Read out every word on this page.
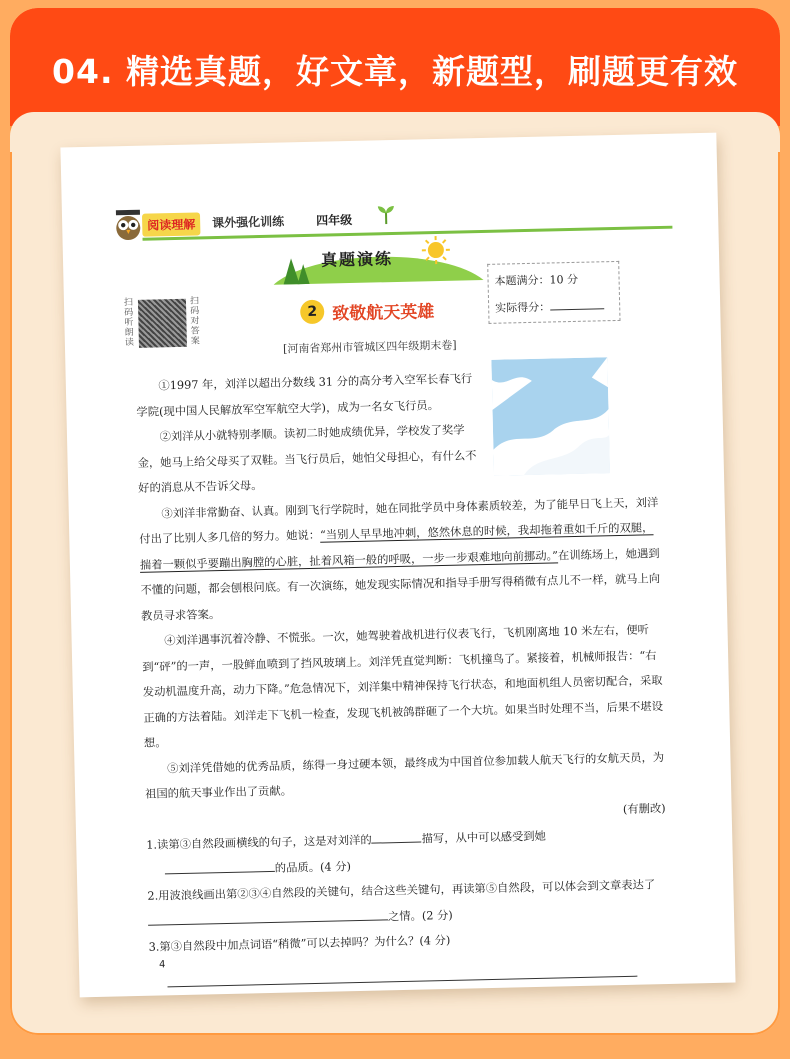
04. 精选真题，好文章，新题型，刷题更有效
阅读理解	课外强化训练	四年级
真题演练
本题满分：10 分
实际得分：
扫码听朗读
扫码对答案
2 致敬航天英雄
[河南省郑州市管城区四年级期末卷]

①1997 年，刘洋以超出分数线 31 分的高分考入空军长春飞行学院(现中国人民解放军空军航空大学)，成为一名女飞行员。

②刘洋从小就特别孝顺。读初二时她成绩优异，学校发了奖学金，她马上给父母买了双鞋。当飞行员后，她怕父母担心，有什么不好的消息从不告诉父母。

③刘洋非常勤奋、认真。刚到飞行学院时，她在同批学员中身体素质较差，为了能早日飞上天，刘洋付出了比别人多几倍的努力。她说：“当别人早早地冲刺，悠然休息的时候，我却拖着重如千斤的双腿，揣着一颗似乎要蹦出胸膛的心脏，扯着风箱一般的呼吸，一步一步艰难地向前挪动。”在训练场上，她遇到不懂的问题，都会刨根问底。有一次演练，她发现实际情况和指导手册写得稍微有点儿不一样，就马上向教员寻求答案。

④刘洋遇事沉着冷静、不慌张。一次，她驾驶着战机进行仪表飞行，飞机刚离地 10 米左右，便听到“砰”的一声，一股鲜血喷到了挡风玻璃上。刘洋凭直觉判断：飞机撞鸟了。紧接着，机械师报告：“右发动机温度升高，动力下降。”危急情况下，刘洋集中精神保持飞行状态，和地面机组人员密切配合，采取正确的方法着陆。刘洋走下飞机一检查，发现飞机被鸽群砸了一个大坑。如果当时处理不当，后果不堪设想。

⑤刘洋凭借她的优秀品质，练得一身过硬本领，最终成为中国首位参加载人航天飞行的女航天员，为祖国的航天事业作出了贡献。

(有删改)

1.读第③自然段画横线的句子，这是对刘洋的	描写，从中可以感受到她
的品质。(4 分)

2.用波浪线画出第②③④自然段的关键句，结合这些关键句，再读第⑤自然段，可以体会到文章表达了之情。(2 分)

3.第③自然段中加点词语“稍微”可以去掉吗？为什么？(4 分)

4
